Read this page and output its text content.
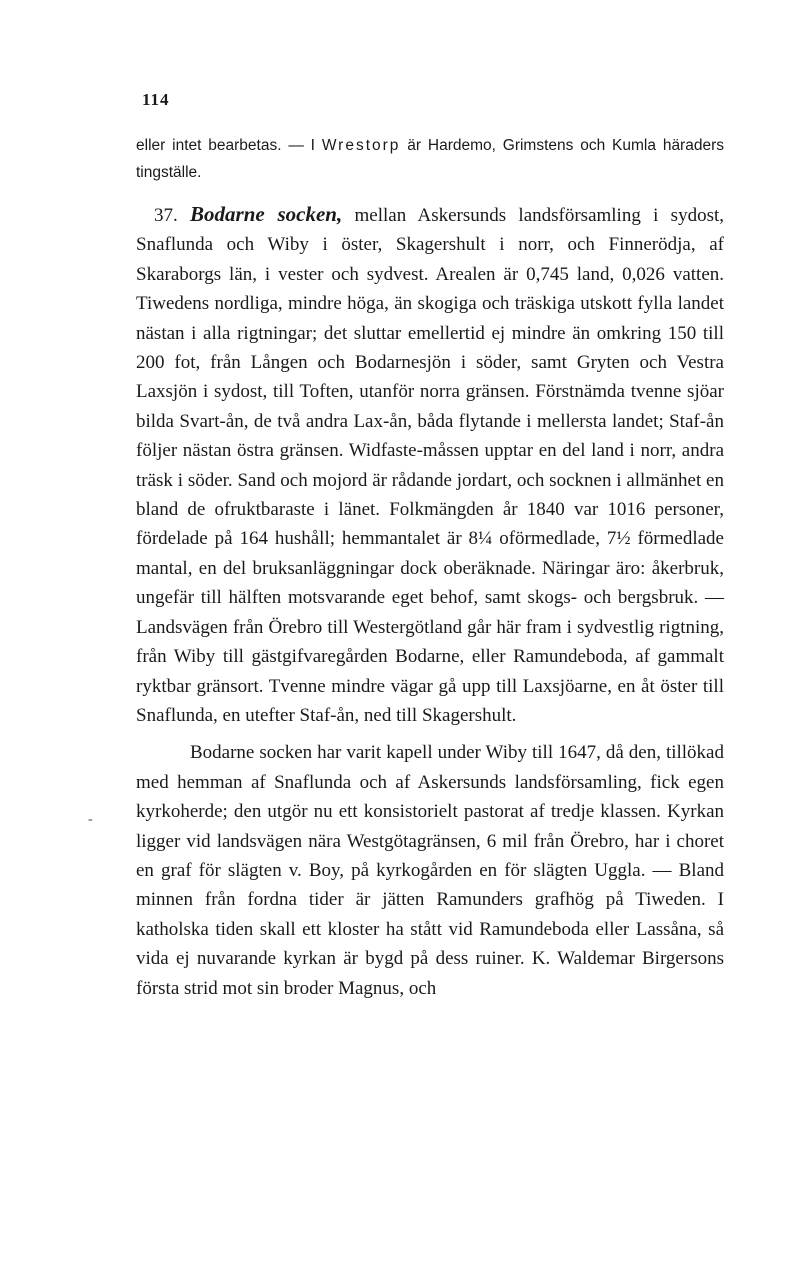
114
eller intet bearbetas. — I Wrestorp är Hardemo, Grimstens och Kumla häraders tingställe.

37. Bodarne socken, mellan Askersunds landsförsamling i sydost, Snaflunda och Wiby i öster, Skagershult i norr, och Finnerödja, af Skaraborgs län, i vester och sydvest. Arealen är 0,745 land, 0,026 vatten. Tiwedens nordliga, mindre höga, än skogiga och träskiga utskott fylla landet nästan i alla rigtningar; det sluttar emellertid ej mindre än omkring 150 till 200 fot, från Lången och Bodarnesjön i söder, samt Gryten och Vestra Laxsjön i sydost, till Toften, utanför norra gränsen. Förstnämda tvenne sjöar bilda Svart-ån, de två andra Lax-ån, båda flytande i mellersta landet; Staf-ån följer nästan östra gränsen. Widfaste-måssen upptar en del land i norr, andra träsk i söder. Sand och mojord är rådande jordart, och socknen i allmänhet en bland de ofruktbaraste i länet. Folkmängden år 1840 var 1016 personer, fördelade på 164 hushåll; hemmantalet är 8¼ oförmedlade, 7½ förmedlade mantal, en del bruksanläggningar dock oberäknade. Näringar äro: åkerbruk, ungefär till hälften motsvarande eget behof, samt skogs- och bergsbruk. — Landsvägen från Örebro till Westergötland går här fram i sydvestlig rigtning, från Wiby till gästgifvaregården Bodarne, eller Ramundeboda, af gammalt ryktbar gränsort. Tvenne mindre vägar gå upp till Laxsjöarne, en åt öster till Snaflunda, en utefter Staf-ån, ned till Skagershult.

Bodarne socken har varit kapell under Wiby till 1647, då den, tillökad med hemman af Snaflunda och af Askersunds landsförsamling, fick egen kyrkoherde; den utgör nu ett konsistorielt pastorat af tredje klassen. Kyrkan ligger vid landsvägen nära Westgötagränsen, 6 mil från Örebro, har i choret en graf för slägten v. Boy, på kyrkogården en för slägten Uggla. — Bland minnen från fordna tider är jätten Ramunders grafhög på Tiweden. I katholska tiden skall ett kloster ha stått vid Ramundeboda eller Lassåna, så vida ej nuvarande kyrkan är bygd på dess ruiner. K. Waldemar Birgersons första strid mot sin broder Magnus, och

-
